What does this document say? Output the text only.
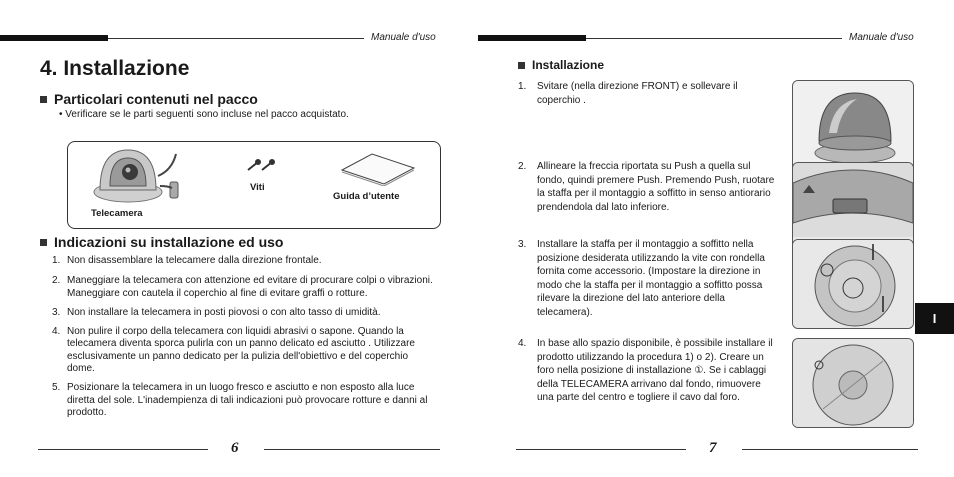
Manuale d'uso	Manuale d'uso
4. Installazione
Particolari contenuti nel pacco
• Verificare se le parti seguenti sono incluse nel pacco acquistato.
Telecamera
Viti
Guida d’utente
Indicazioni su installazione ed uso
1. Non disassemblare la telecamere dalla direzione frontale.
2. Maneggiare la telecamera con attenzione ed evitare di procurare colpi o vibrazioni. Maneggiare con cautela il coperchio al fine di evitare graffi o rotture.
3. Non installare la telecamera in posti piovosi o con alto tasso di umidità.
4. Non pulire il corpo della telecamera con liquidi abrasivi o sapone. Quando la telecamera diventa sporca pulirla con un panno delicato ed asciutto . Utilizzare esclusivamente un panno dedicato per la pulizia dell'obiettivo e del coperchio dome.
5. Posizionare la telecamera in un luogo fresco e asciutto e non esposto alla luce diretta del sole. L'inadempienza di tali indicazioni può provocare rotture e danni al prodotto.
6
Installazione
1. Svitare (nella direzione FRONT) e sollevare il coperchio .
2. Allineare la freccia riportata su Push a quella sul fondo, quindi premere Push. Premendo Push, ruotare la staffa per il montaggio a soffitto in senso antiorario prendendola dal lato inferiore.
3. Installare la staffa per il montaggio a soffitto nella posizione desiderata utilizzando la vite con rondella fornita come accessorio. (Impostare la direzione in modo che la staffa per il montaggio a soffitto possa rilevare la direzione del lato anteriore della telecamera).
4. In base allo spazio disponibile, è possibile installare il prodotto utilizzando la procedura 1) o 2). Creare un foro nella posizione di installazione ①. Se i cablaggi della TELECAMERA arrivano dal fondo, rimuovere una parte del centro e togliere il cavo dal foro.
I
7
